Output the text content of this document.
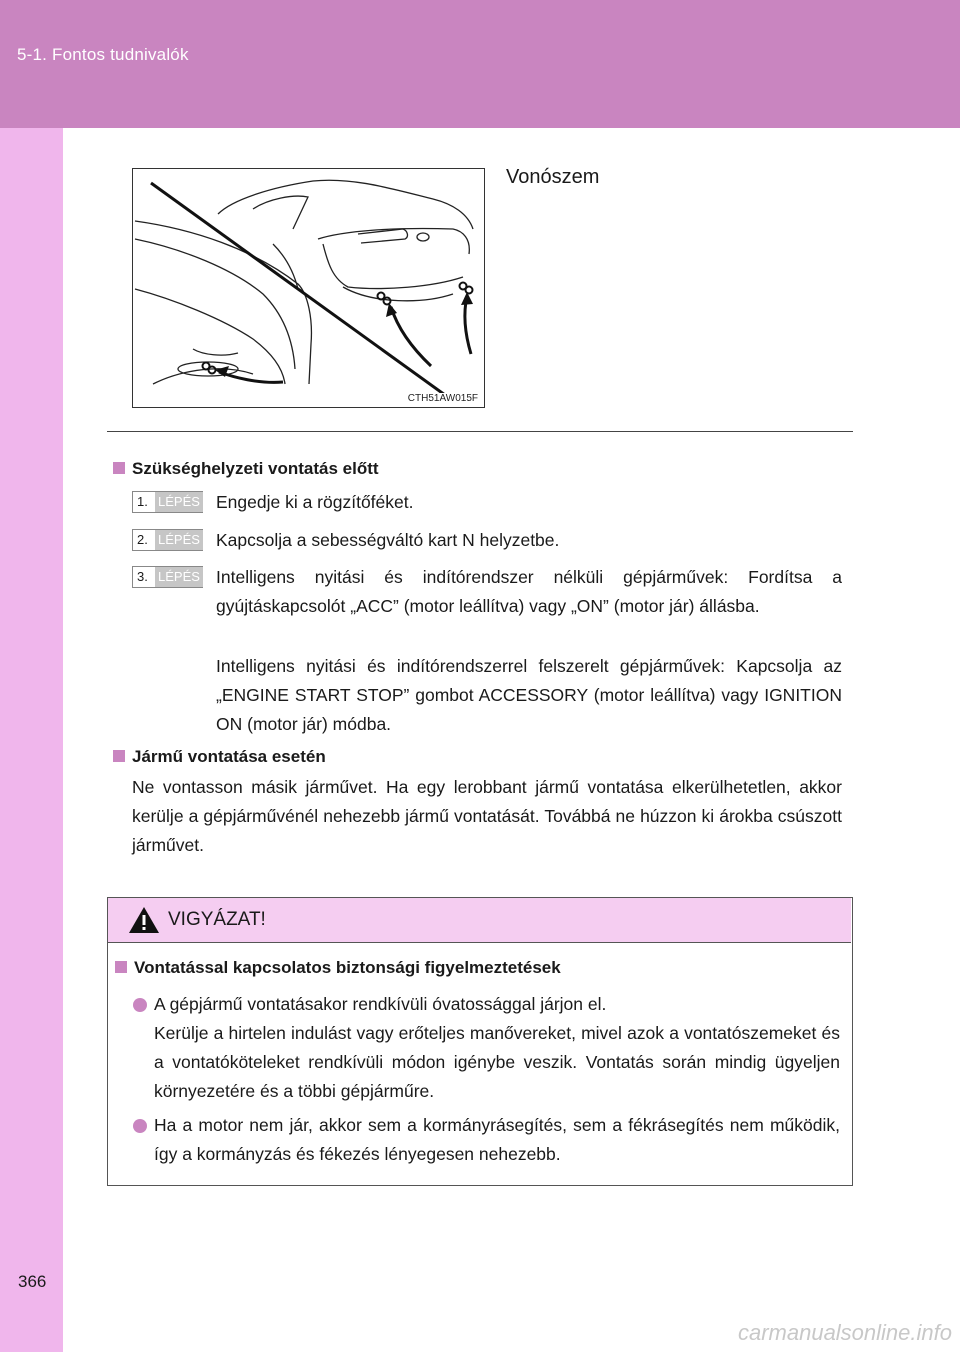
5-1. Fontos tudnivalók
366
CTH51AW015F
Vonószem
Szükséghelyzeti vontatás előtt
1. LÉPÉS Engedje ki a rögzítőféket.
2. LÉPÉS Kapcsolja a sebességváltó kart N helyzetbe.
3. LÉPÉS Intelligens nyitási és indítórendszer nélküli gépjárművek: Fordítsa a gyújtáskapcsolót „ACC” (motor leállítva) vagy „ON” (motor jár) állásba.
Intelligens nyitási és indítórendszerrel felszerelt gépjárművek: Kapcsolja az „ENGINE START STOP” gombot ACCESSORY (motor leállítva) vagy IGNITION ON (motor jár) módba.
Jármű vontatása esetén
Ne vontasson másik járművet. Ha egy lerobbant jármű vontatása elkerülhetetlen, akkor kerülje a gépjárművénél nehezebb jármű vontatását. Továbbá ne húzzon ki árokba csúszott járművet.
VIGYÁZAT!
Vontatással kapcsolatos biztonsági figyelmeztetések
A gépjármű vontatásakor rendkívüli óvatossággal járjon el.
Kerülje a hirtelen indulást vagy erőteljes manővereket, mivel azok a vontatószemeket és a vontatóköteleket rendkívüli módon igénybe veszik. Vontatás során mindig ügyeljen környezetére és a többi gépjárműre.
Ha a motor nem jár, akkor sem a kormányrásegítés, sem a fékrásegítés nem működik, így a kormányzás és fékezés lényegesen nehezebb.
carmanualsonline.info
